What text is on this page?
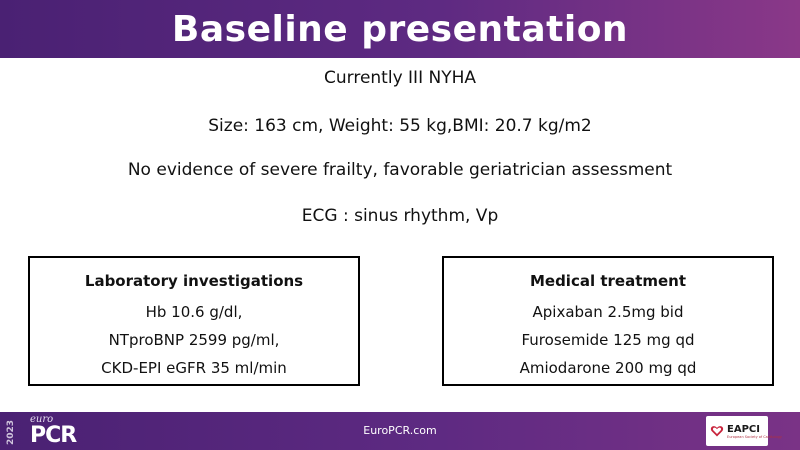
Baseline presentation
Currently III NYHA
Size: 163 cm, Weight: 55 kg,BMI: 20.7 kg/m2
No evidence of severe frailty, favorable geriatrician assessment
ECG : sinus rhythm, Vp
Laboratory investigations
Hb 10.6 g/dl,
NTproBNP 2599 pg/ml,
CKD-EPI eGFR 35 ml/min
Medical treatment
Apixaban 2.5mg bid
Furosemide 125 mg qd
Amiodarone 200 mg qd
2023 euro
PCR	EuroPCR.com	EAPCI
European Society of Cardiology
